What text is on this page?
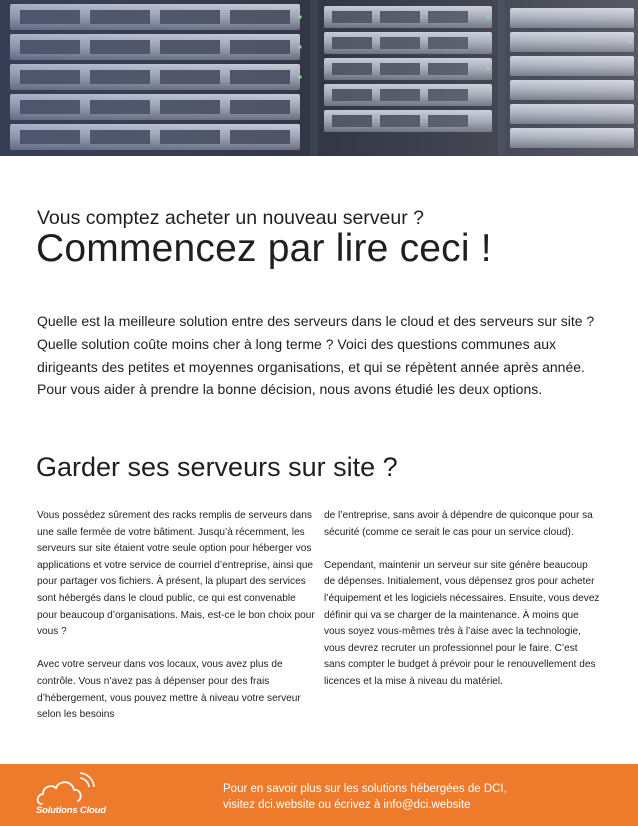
Vous comptez acheter un nouveau serveur ?
Commencez par lire ceci !
Quelle est la meilleure solution entre des serveurs dans le cloud et des serveurs sur site ? Quelle solution coûte moins cher à long terme ? Voici des questions communes aux dirigeants des petites et moyennes organisations, et qui se répètent année après année. Pour vous aider à prendre la bonne décision, nous avons étudié les deux options.
Garder ses serveurs sur site ?

Vous possédez sûrement des racks remplis de serveurs dans une salle fermée de votre bâtiment. Jusqu’à récemment, les serveurs sur site étaient votre seule option pour héberger vos applications et votre service de courriel d’entreprise, ainsi que pour partager vos fichiers. À présent, la plupart des services sont hébergés dans le cloud public, ce qui est convenable pour beaucoup d’organisations. Mais, est-ce le bon choix pour vous ?

Avec votre serveur dans vos locaux, vous avez plus de contrôle. Vous n’avez pas à dépenser pour des frais d’hébergement, vous pouvez mettre à niveau votre serveur selon les besoins

de l’entreprise, sans avoir à dépendre de quiconque pour sa sécurité (comme ce serait le cas pour un service cloud).

Cependant, maintenir un serveur sur site génère beaucoup de dépenses. Initialement, vous dépensez gros pour acheter l’équipement et les logiciels nécessaires. Ensuite, vous devez définir qui va se charger de la maintenance. À moins que vous soyez vous-mêmes très à l’aise avec la technologie, vous devrez recruter un professionnel pour le faire. C’est sans compter le budget à prévoir pour le renouvellement des licences et la mise à niveau du matériel.

Solutions Cloud
Pour en savoir plus sur les solutions hébergées de DCI,
visitez dci.website ou écrivez à info@dci.website
